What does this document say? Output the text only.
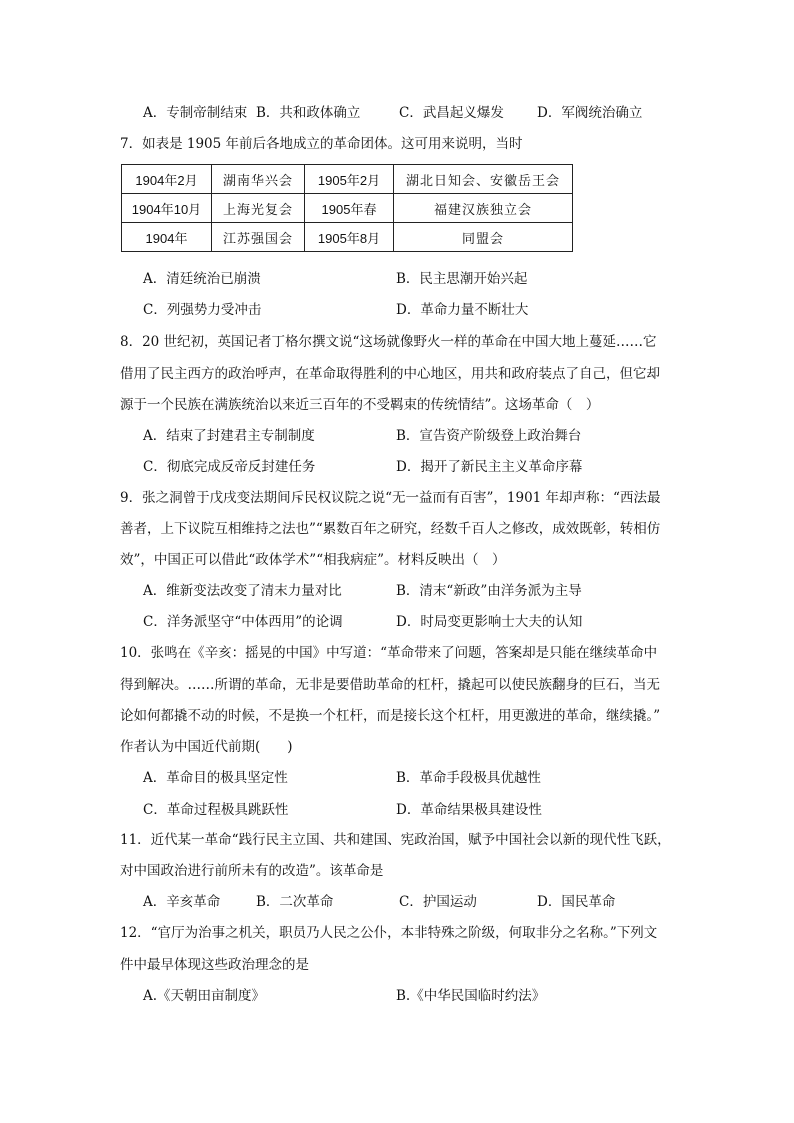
A．专制帝制结束 B．共和政体确立	C．武昌起义爆发 D．军阀统治确立
7．如表是 1905 年前后各地成立的革命团体。这可用来说明，当时
1904年2月	湖南华兴会	1905年2月	湖北日知会、安徽岳王会
1904年10月	上海光复会	1905年春	福建汉族独立会
1904年	江苏强国会	1905年8月	同盟会
A．清廷统治已崩溃	B．民主思潮开始兴起
C．列强势力受冲击	D．革命力量不断壮大
8．20 世纪初，英国记者丁格尔撰文说“这场就像野火一样的革命在中国大地上蔓延……它
借用了民主西方的政治呼声，在革命取得胜利的中心地区，用共和政府装点了自己，但它却
源于一个民族在满族统治以来近三百年的不受羁束的传统情结”。这场革命（　）
A．结束了封建君主专制制度	B．宣告资产阶级登上政治舞台
C．彻底完成反帝反封建任务	D．揭开了新民主主义革命序幕
9．张之洞曾于戊戌变法期间斥民权议院之说“无一益而有百害”，1901 年却声称：“西法最
善者，上下议院互相维持之法也”“累数百年之研究，经数千百人之修改，成效既彰，转相仿
效”，中国正可以借此“政体学术”“相我病症”。材料反映出（　）
A．维新变法改变了清末力量对比	B．清末“新政”由洋务派为主导
C．洋务派坚守“中体西用”的论调	D．时局变更影响士大夫的认知
10．张鸣在《辛亥：摇晃的中国》中写道：“革命带来了问题，答案却是只能在继续革命中
得到解决。……所谓的革命，无非是要借助革命的杠杆，撬起可以使民族翻身的巨石，当无
论如何都撬不动的时候，不是换一个杠杆，而是接长这个杠杆，用更激进的革命，继续撬。”
作者认为中国近代前期(　　)
A．革命目的极具坚定性	B．革命手段极具优越性
C．革命过程极具跳跃性	D．革命结果极具建设性
11．近代某一革命“践行民主立国、共和建国、宪政治国，赋予中国社会以新的现代性飞跃，
对中国政治进行前所未有的改造”。该革命是
A．辛亥革命	B．二次革命	C．护国运动	D．国民革命
12．“官厅为治事之机关，职员乃人民之公仆，本非特殊之阶级，何取非分之名称。”下列文
件中最早体现这些政治理念的是
A.《天朝田亩制度》	B.《中华民国临时约法》
